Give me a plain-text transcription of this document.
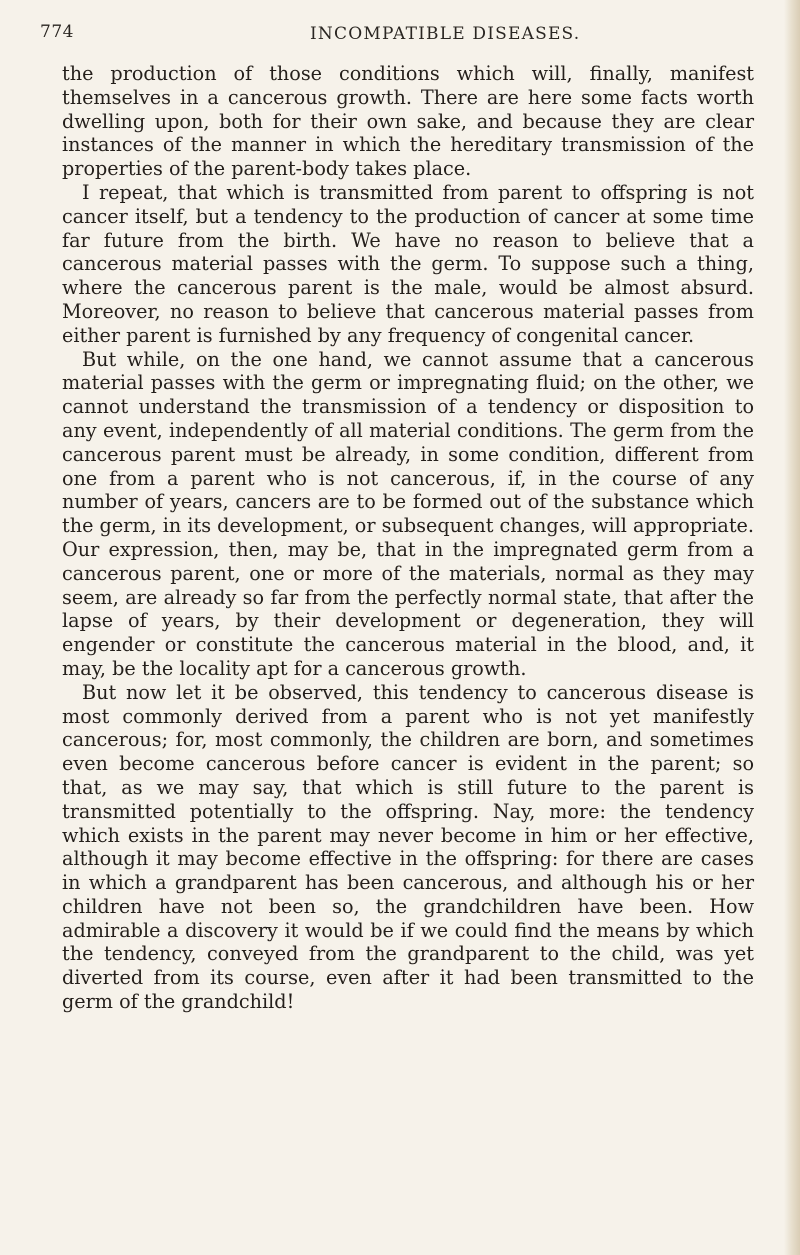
774	INCOMPATIBLE DISEASES.

the production of those conditions which will, finally, manifest themselves in a cancerous growth. There are here some facts worth dwelling upon, both for their own sake, and because they are clear instances of the manner in which the hereditary transmission of the properties of the parent-body takes place.

I repeat, that which is transmitted from parent to offspring is not cancer itself, but a tendency to the production of cancer at some time far future from the birth. We have no reason to believe that a cancerous material passes with the germ. To suppose such a thing, where the cancerous parent is the male, would be almost absurd. Moreover, no reason to believe that cancerous material passes from either parent is furnished by any frequency of congenital cancer.

But while, on the one hand, we cannot assume that a cancerous material passes with the germ or impregnating fluid; on the other, we cannot understand the transmission of a tendency or disposition to any event, independently of all material conditions. The germ from the cancerous parent must be already, in some condition, different from one from a parent who is not cancerous, if, in the course of any number of years, cancers are to be formed out of the substance which the germ, in its development, or subsequent changes, will appropriate. Our expression, then, may be, that in the impregnated germ from a cancerous parent, one or more of the materials, normal as they may seem, are already so far from the perfectly normal state, that after the lapse of years, by their development or degeneration, they will engender or constitute the cancerous material in the blood, and, it may, be the locality apt for a cancerous growth.

But now let it be observed, this tendency to cancerous disease is most commonly derived from a parent who is not yet manifestly cancerous; for, most commonly, the children are born, and sometimes even become cancerous before cancer is evident in the parent; so that, as we may say, that which is still future to the parent is transmitted potentially to the offspring. Nay, more: the tendency which exists in the parent may never become in him or her effective, although it may become effective in the offspring: for there are cases in which a grandparent has been cancerous, and although his or her children have not been so, the grandchildren have been. How admirable a discovery it would be if we could find the means by which the tendency, conveyed from the grandparent to the child, was yet diverted from its course, even after it had been transmitted to the germ of the grandchild!
